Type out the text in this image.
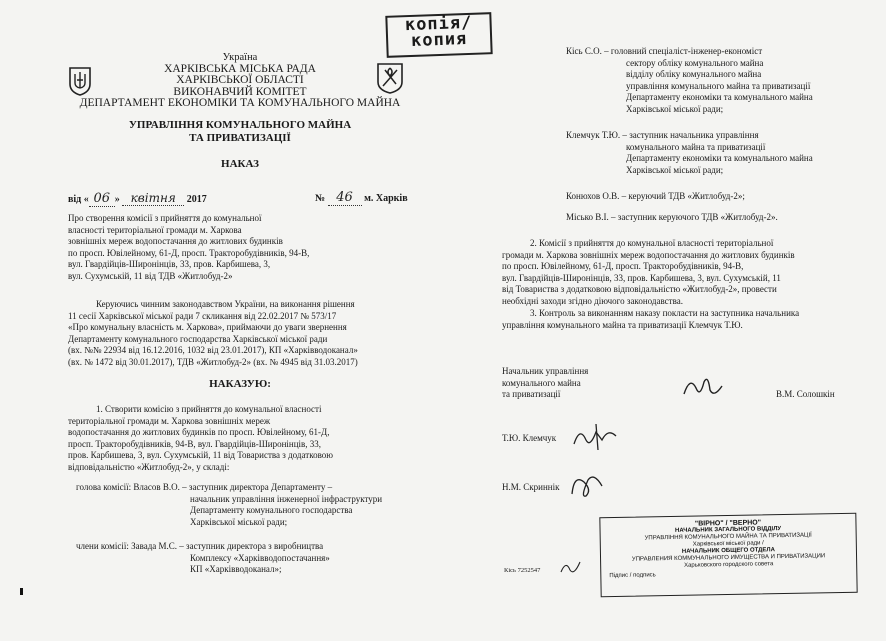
копія/
копия
Україна
ХАРКІВСЬКА МІСЬКА РАДА
ХАРКІВСЬКОЇ ОБЛАСТІ
ВИКОНАВЧИЙ КОМІТЕТ
ДЕПАРТАМЕНТ ЕКОНОМІКИ ТА КОМУНАЛЬНОГО МАЙНА
УПРАВЛІННЯ КОМУНАЛЬНОГО МАЙНА
ТА ПРИВАТИЗАЦІЇ
НАКАЗ
від « 06 » квітня 2017	№ 46 м. Харків
Про створення комісії з прийняття до комунальної
власності територіальної громади м. Харкова
зовнішніх мереж водопостачання до житлових будинків
по просп. Ювілейному, 61-Д, просп. Тракторобудівників, 94-В,
вул. Гвардійців-Широнінців, 33, пров. Карбишева, 3,
вул. Сухумській, 11 від ТДВ «Житлобуд-2»
Керуючись чинним законодавством України, на виконання рішення
11 сесії Харківської міської ради 7 скликання від 22.02.2017 № 573/17
«Про комунальну власність м. Харкова», приймаючи до уваги звернення
Департаменту комунального господарства Харківської міської ради
(вх. №№ 22934 від 16.12.2016, 1032 від 23.01.2017), КП «Харківводоканал»
(вх. № 1472 від 30.01.2017), ТДВ «Житлобуд-2» (вх. № 4945 від 31.03.2017)
НАКАЗУЮ:
1. Створити комісію з прийняття до комунальної власності
територіальної громади м. Харкова зовнішніх мереж
водопостачання до житлових будинків по просп. Ювілейному, 61-Д,
просп. Тракторобудівників, 94-В, вул. Гвардійців-Широнінців, 33,
пров. Карбишева, 3, вул. Сухумській, 11 від Товариства з додатковою
відповідальністю «Житлобуд-2», у складі:
голова комісії: Власов В.О. – заступник директора Департаменту –
начальник управління інженерної інфраструктури
Департаменту комунального господарства
Харківської міської ради;
члени комісії: Завада М.С. – заступник директора з виробництва
Комплексу «Харківводопостачання»
КП «Харківводоканал»;
Кісь С.О. – головний спеціаліст-інженер-економіст
сектору обліку комунального майна
відділу обліку комунального майна
управління комунального майна та приватизації
Департаменту економіки та комунального майна
Харківської міської ради;
Клемчук Т.Ю. – заступник начальника управління
комунального майна та приватизації
Департаменту економіки та комунального майна
Харківської міської ради;
Конюхов О.В. – керуючий ТДВ «Житлобуд-2»;
Місько В.І. – заступник керуючого ТДВ «Житлобуд-2».
2. Комісії з прийняття до комунальної власності територіальної
громади м. Харкова зовнішніх мереж водопостачання до житлових будинків
по просп. Ювілейному, 61-Д, просп. Тракторобудівників, 94-В,
вул. Гвардійців-Широнінців, 33, пров. Карбишева, 3, вул. Сухумській, 11
від Товариства з додатковою відповідальністю «Житлобуд-2», провести
необхідні заходи згідно діючого законодавства.
3. Контроль за виконанням наказу покласти на заступника начальника
управління комунального майна та приватизації Клемчук Т.Ю.
Начальник управління
комунального майна
та приватизації	В.М. Солошкін
Т.Ю. Клемчук
Н.М. Скриннік
Кісь 7252547
"ВІРНО" / "ВЕРНО"
НАЧАЛЬНИК ЗАГАЛЬНОГО ВІДДІЛУ
УПРАВЛІННЯ КОМУНАЛЬНОГО МАЙНА ТА ПРИВАТИЗАЦІЇ
Харківської міської ради /
НАЧАЛЬНИК ОБЩЕГО ОТДЕЛА
УПРАВЛЕНИЯ КОММУНАЛЬНОГО ИМУЩЕСТВА И ПРИВАТИЗАЦИИ
Харьковского городского совета
Підпис / подпись
